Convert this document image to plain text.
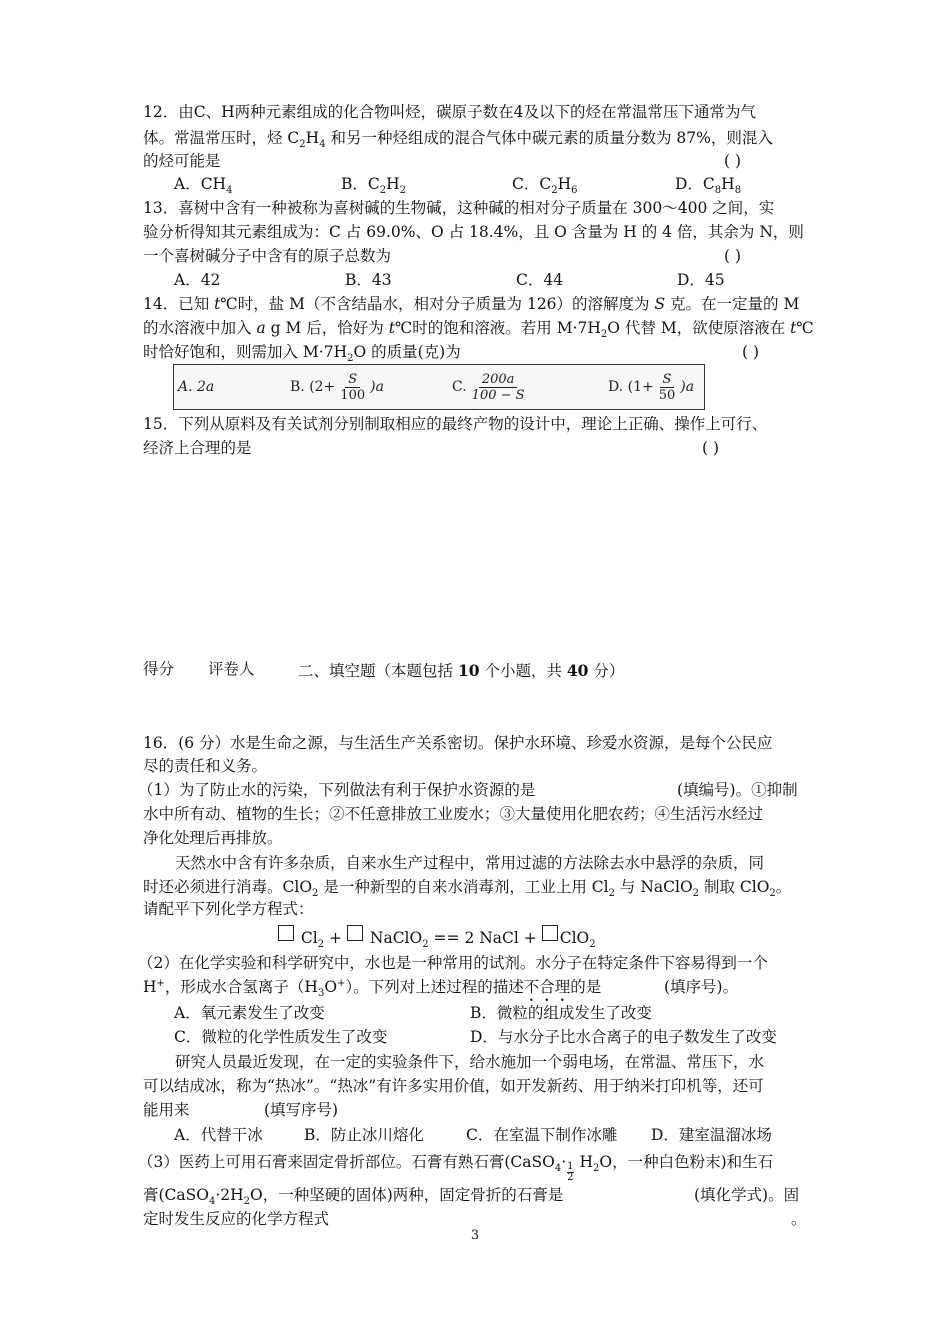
12．由C、H两种元素组成的化合物叫烃，碳原子数在4及以下的烃在常温常压下通常为气
体。常温常压时，烃 $C_2H_4$ 和另一种烃组成的混合气体中碳元素的质量分数为 87%，则混入
的烃可能是	( )
A．$CH_4$	B．$C_2H_2$	C．$C_2H_6$	D．$C_8H_8$
13．喜树中含有一种被称为喜树碱的生物碱，这种碱的相对分子质量在 300～400 之间，实
验分析得知其元素组成为：C 占 69.0%、O 占 18.4%，且 O 含量为 H 的 4 倍，其余为 N，则
一个喜树碱分子中含有的原子总数为	( )
A．42	B．43	C．44	D．45
14．已知 t℃时，盐 M（不含结晶水，相对分子质量为 126）的溶解度为 S 克。在一定量的 M
的水溶液中加入 a g M 后，恰好为 t℃时的饱和溶液。若用 $M\cdot 7H_2O$ 代替 M，欲使原溶液在 t℃
时恰好饱和，则需加入 $M\cdot 7H_2O$ 的质量(克)为	( )
A. 2a	B. $(2+ \frac{S}{100} )a$	C. $\frac{200a}{100 - S}$	D. $(1+ \frac{S}{50} )a$
15．下列从原料及有关试剂分别制取相应的最终产物的设计中，理论上正确、操作上可行、
经济上合理的是	( )
得分 评卷人	二、填空题（本题包括 10 个小题，共 40 分）
16．(6 分）水是生命之源，与生活生产关系密切。保护水环境、珍爱水资源，是每个公民应
尽的责任和义务。
（1）为了防止水的污染，下列做法有利于保护水资源的是	(填编号)。①抑制
水中所有动、植物的生长；②不任意排放工业废水；③大量使用化肥农药；④生活污水经过
净化处理后再排放。
天然水中含有许多杂质，自来水生产过程中，常用过滤的方法除去水中悬浮的杂质，同
时还必须进行消毒。ClO$_2$ 是一种新型的自来水消毒剂，工业上用 $Cl_2$ 与 NaClO$_2$ 制取 ClO$_2$。
请配平下列化学方程式：
$Cl_2$ +  NaClO$_2$ == 2 NaCl + ClO$_2$
（2）在化学实验和科学研究中，水也是一种常用的试剂。水分子在特定条件下容易得到一个
H+，形成水合氢离子$(H_3O^+)$。下列对上述过程的描述不合理的是	(填序号)。
A．氧元素发生了改变	B．微粒的组成发生了改变
C．微粒的化学性质发生了改变	D．与水分子比水合离子的电子数发生了改变
研究人员最近发现，在一定的实验条件下，给水施加一个弱电场，在常温、常压下，水
可以结成冰，称为“热冰”。“热冰”有许多实用价值，如开发新药、用于纳米打印机等，还可
能用来	(填写序号)
A．代替干冰	B．防止冰川熔化	C．在室温下制作冰雕 D．建室温溜冰场
（3）医药上可用石膏来固定骨折部位。石膏有熟石膏(CaSO$_4$· $\frac{1}{2} H_2O$，一种白色粉末)和生石
膏($CaSO_4\cdot 2H_2O$，一种坚硬的固体)两种，固定骨折的石膏是	(填化学式)。固
定时发生反应的化学方程式	。
3
